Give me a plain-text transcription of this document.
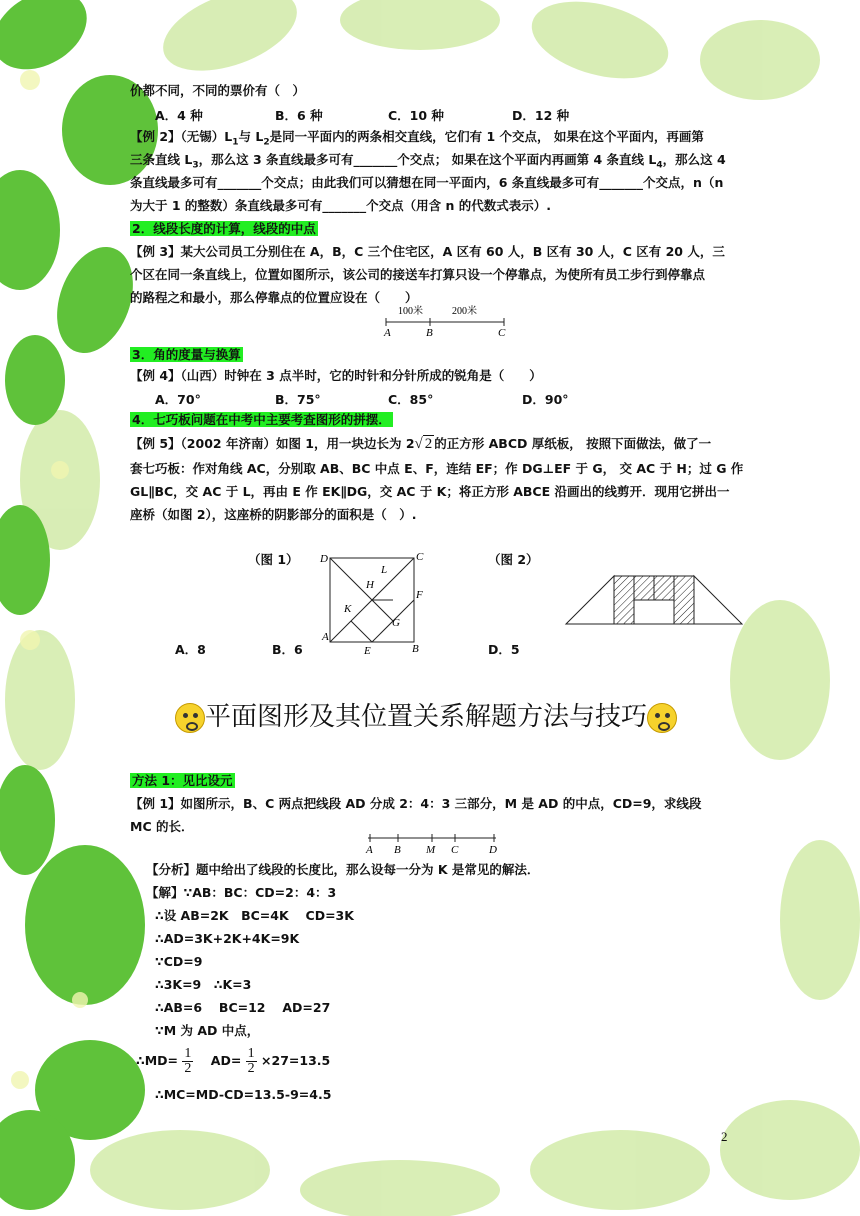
价都不同，不同的票价有（　）
A．4 种	B．6 种	C．10 种	D．12 种
【例 2】（无锡）$L_1$与 $L_2$是同一平面内的两条相交直线，它们有 1 个交点， 如果在这个平面内，再画第
三条直线 $L_3$，那么这 3 条直线最多可有_______个交点； 如果在这个平面内再画第 4 条直线 $L_4$，那么这 4
条直线最多可有_______个交点；由此我们可以猜想在同一平面内，6 条直线最多可有_______个交点，n（n
为大于 1 的整数）条直线最多可有_______个交点（用含 n 的代数式表示）.
2．线段长度的计算，线段的中点
【例 3】某大公司员工分别住在 A，B，C 三个住宅区，A 区有 60 人，B 区有 30 人，C 区有 20 人，三
个区在同一条直线上，位置如图所示，该公司的接送车打算只设一个停靠点，为使所有员工步行到停靠点
的路程之和最小，那么停靠点的位置应设在（　　）
100米	200米
A	B	C
3．角的度量与换算
【例 4】（山西）时钟在 3 点半时，它的时针和分针所成的锐角是（　　）
A．70°	B．75°	C．85°	D．90°
4．七巧板问题在中考中主要考查图形的拼摆．
【例 5】（2002 年济南）如图 1，用一块边长为 2√ 2 的正方形 ABCD 厚纸板， 按照下面做法，做了一
套七巧板：作对角线 AC，分别取 AB、BC 中点 E、F，连结 EF；作 DG⊥EF 于 G， 交 AC 于 H；过 G 作
GL∥BC，交 AC 于 L，再由 E 作 EK∥DG，交 AC 于 K；将正方形 ABCE 沿画出的线剪开．现用它拼出一
座桥（如图 2），这座桥的阴影部分的面积是（　）.
（图 1）	（图 2）
D	C
L
H
F
K
G
A
E	B
A．8	B．6	D．5
平面图形及其位置关系解题方法与技巧
方法 1：见比设元
【例 1】如图所示，B、C 两点把线段 AD 分成 2：4：3 三部分，M 是 AD 的中点，CD=9，求线段
MC 的长．
A B M C	D
【分析】题中给出了线段的长度比，那么设每一分为 K 是常见的解法．
【解】∵AB：BC：CD=2：4：3
∴设 AB=2K　BC=4K　 CD=3K
∴AD=3K+2K+4K=9K
∵CD=9
∴3K=9　∴K=3
∴AB=6　 BC=12　 AD=27
∵M 为 AD 中点，
∴MD= $\frac{1}{2} AD= \frac{1}{2} \times 27=13.5$
∴MC=MD-CD=13.5-9=4.5
2
